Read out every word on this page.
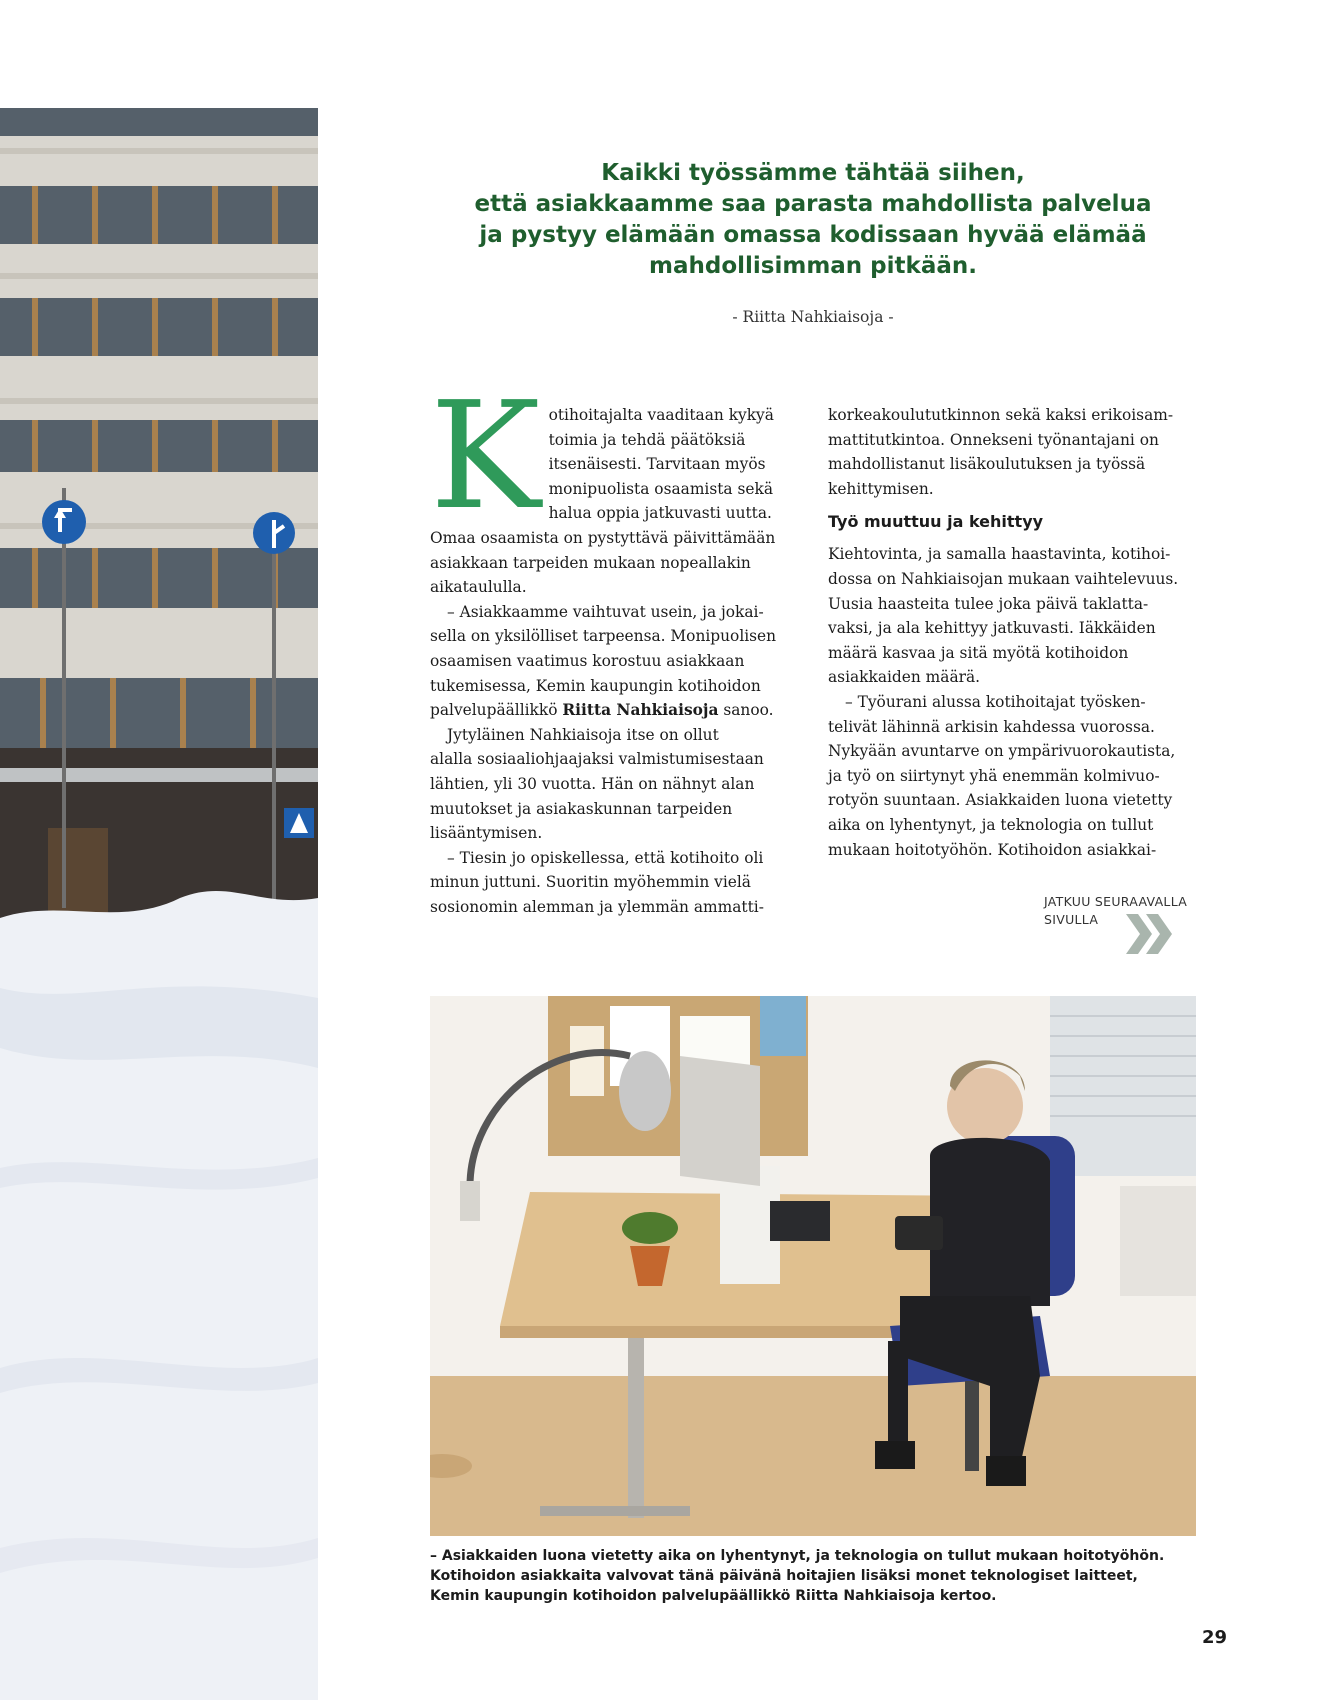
Kaikki työssämme tähtää siihen,
että asiakkaamme saa parasta mahdollista palvelua
ja pystyy elämään omassa kodissaan hyvää elämää
mahdollisimman pitkään.

- Riitta Nahkiaisoja -

K otihoitajalta vaaditaan kykyä
toimia ja tehdä päätöksiä
itsenäisesti. Tarvitaan myös
monipuolista osaamista sekä
halua oppia jatkuvasti uutta.
Omaa osaamista on pystyttävä päivittämään
asiakkaan tarpeiden mukaan nopeallakin
aikataululla.

– Asiakkaamme vaihtuvat usein, ja jokai-
sella on yksilölliset tarpeensa. Monipuolisen
osaamisen vaatimus korostuu asiakkaan
tukemisessa, Kemin kaupungin kotihoidon
palvelupäällikkö Riitta Nahkiaisoja sanoo.

Jytyläinen Nahkiaisoja itse on ollut
alalla sosiaaliohjaajaksi valmistumisestaan
lähtien, yli 30 vuotta. Hän on nähnyt alan
muutokset ja asiakaskunnan tarpeiden
lisääntymisen.

– Tiesin jo opiskellessa, että kotihoito oli
minun juttuni. Suoritin myöhemmin vielä
sosionomin alemman ja ylemmän ammatti-

korkeakoulututkinnon sekä kaksi erikoisam-
mattitutkintoa. Onnekseni työnantajani on
mahdollistanut lisäkoulutuksen ja työssä
kehittymisen.

Työ muuttuu ja kehittyy

Kiehtovinta, ja samalla haastavinta, kotihoi-
dossa on Nahkiaisojan mukaan vaihtelevuus.
Uusia haasteita tulee joka päivä taklatta-
vaksi, ja ala kehittyy jatkuvasti. Iäkkäiden
määrä kasvaa ja sitä myötä kotihoidon
asiakkaiden määrä.

– Työurani alussa kotihoitajat työsken-
telivät lähinnä arkisin kahdessa vuorossa.
Nykyään avuntarve on ympärivuorokautista,
ja työ on siirtynyt yhä enemmän kolmivuo-
rotyön suuntaan. Asiakkaiden luona vietetty
aika on lyhentynyt, ja teknologia on tullut
mukaan hoitotyöhön. Kotihoidon asiakkai-

JATKUU SEURAAVALLA
SIVULLA

– Asiakkaiden luona vietetty aika on lyhentynyt, ja teknologia on tullut mukaan hoitotyöhön.
Kotihoidon asiakkaita valvovat tänä päivänä hoitajien lisäksi monet teknologiset laitteet,
Kemin kaupungin kotihoidon palvelupäällikkö Riitta Nahkiaisoja kertoo.

29
